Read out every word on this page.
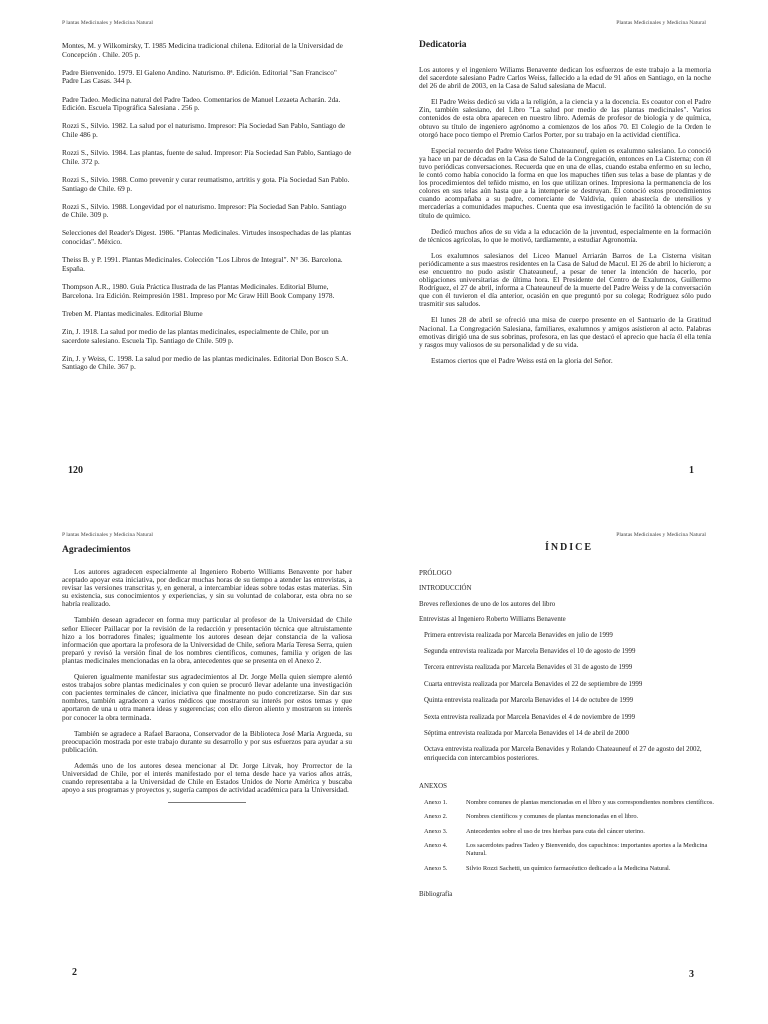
P lantas Medicinales y Medicina Natural

Montes, M. y Wilkomirsky, T. 1985 Medicina tradicional chilena. Editorial de la Universidad de Concepción . Chile. 205 p.

Padre Bienvenido. 1979. El Galeno Andino. Naturismo. 8ª. Edición. Editorial "San Francisco" Padre Las Casas. 344 p.

Padre Tadeo. Medicina natural del Padre Tadeo. Comentarios de Manuel Lezaeta Acharán. 2da. Edición. Escuela Tipográfica Salesiana . 256 p.

Rozzi S., Silvio. 1982. La salud por el naturismo. Impresor: Pía Sociedad San Pablo, Santiago de Chile 486 p.

Rozzi S., Silvio. 1984. Las plantas, fuente de salud. Impresor: Pía Sociedad San Pablo, Santiago de Chile. 372 p.

Rozzi S., Silvio. 1988. Como prevenir y curar reumatismo, artritis y gota. Pía Sociedad San Pablo. Santiago de Chile. 69 p.

Rozzi S., Silvio. 1988. Longevidad por el naturismo. Impresor: Pía Sociedad San Pablo. Santiago de Chile. 309 p.

Selecciones del Reader's Digest. 1986. "Plantas Medicinales. Virtudes insospechadas de las plantas conocidas". México.

Theiss B. y P. 1991. Plantas Medicinales. Colección "Los Libros de Integral". N° 36. Barcelona. España.

Thompson A.R., 1980. Guía Práctica Ilustrada de las Plantas Medicinales. Editorial Blume, Barcelona. 1ra Edición. Reimpresión 1981. Impreso por Mc Graw Hill Book Company 1978.

Treben M. Plantas medicinales. Editorial Blume

Zin, J. 1918. La salud por medio de las plantas medicinales, especialmente de Chile, por un sacerdote salesiano. Escuela Tip. Santiago de Chile. 509 p.

Zin, J. y Weiss, C. 1998. La salud por medio de las plantas medicinales. Editorial Don Bosco S.A. Santiago de Chile. 367 p.

120
Plantas Medicinales y Medicina Natural
Dedicatoria

Los autores y el ingeniero Wiliams Benavente dedican los esfuerzos de este trabajo a la memoria del sacerdote salesiano Padre Carlos Weiss, fallecido a la edad de 91 años en Santiago, en la noche del 26 de abril de 2003, en la Casa de Salud salesiana de Macul.

El Padre Weiss dedicó su vida a la religión, a la ciencia y a la docencia. Es coautor con el Padre Zin, también salesiano, del Libro "La salud por medio de las plantas medicinales". Varios contenidos de esta obra aparecen en nuestro libro. Además de profesor de biología y de química, obtuvo su título de ingeniero agrónomo a comienzos de los años 70. El Colegio de la Orden le otorgó hace poco tiempo el Premio Carlos Porter, por su trabajo en la actividad científica.

Especial recuerdo del Padre Weiss tiene Chateauneuf, quien es exalumno salesiano. Lo conoció ya hace un par de décadas en la Casa de Salud de la Congregación, entonces en La Cisterna; con él tuvo periódicas conversaciones. Recuerda que en una de ellas, cuando estaba enfermo en su lecho, le contó como había conocido la forma en que los mapuches tiñen sus telas a base de plantas y de los procedimientos del teñido mismo, en los que utilizan orines. Impresiona la permanencia de los colores en sus telas aún hasta que a la intemperie se destruyan. Él conoció estos procedimientos cuando acompañaba a su padre, comerciante de Valdivia, quien abastecía de utensilios y mercaderías a comunidades mapuches. Cuenta que esa investigación le facilitó la obtención de su título de químico.

Dedicó muchos años de su vida a la educación de la juventud, especialmente en la formación de técnicos agrícolas, lo que le motivó, tardíamente, a estudiar Agronomía.

Los exalumnos salesianos del Liceo Manuel Arriarán Barros de La Cisterna visitan periódicamente a sus maestros residentes en la Casa de Salud de Macul. El 26 de abril lo hicieron; a ese encuentro no pudo asistir Chateauneuf, a pesar de tener la intención de hacerlo, por obligaciones universitarias de última hora. El Presidente del Centro de Exalumnos, Guillermo Rodríguez, el 27 de abril, informa a Chateauneuf de la muerte del Padre Weiss y de la conversación que con él tuvieron el día anterior, ocasión en que preguntó por su colega; Rodríguez sólo pudo trasmitir sus saludos.

El lunes 28 de abril se ofreció una misa de cuerpo presente en el Santuario de la Gratitud Nacional. La Congregación Salesiana, familiares, exalumnos y amigos asistieron al acto. Palabras emotivas dirigió una de sus sobrinas, profesora, en las que destacó el aprecio que hacía él ella tenía y rasgos muy valiosos de su personalidad y de su vida.

Estamos ciertos que el Padre Weiss está en la gloria del Señor.

1
P lantas Medicinales y Medicina Natural
Agradecimientos

Los autores agradecen especialmente al Ingeniero Roberto Williams Benavente por haber aceptado apoyar esta iniciativa, por dedicar muchas horas de su tiempo a atender las entrevistas, a revisar las versiones transcritas y, en general, a intercambiar ideas sobre todas estas materias. Sin su existencia, sus conocimientos y experiencias, y sin su voluntad de colaborar, esta obra no se habría realizado.

También desean agradecer en forma muy particular al profesor de la Universidad de Chile señor Eliecer Paillacar por la revisión de la redacción y presentación técnica que altruistamente hizo a los borradores finales; igualmente los autores desean dejar constancia de la valiosa información que aportara la profesora de la Universidad de Chile, señora María Teresa Serra, quien preparó y revisó la versión final de los nombres científicos, comunes, familia y origen de las plantas medicinales mencionadas en la obra, antecedentes que se presenta en el Anexo 2.

Quieren igualmente manifestar sus agradecimientos al Dr. Jorge Mella quien siempre alentó estos trabajos sobre plantas medicinales y con quien se procuró llevar adelante una investigación con pacientes terminales de cáncer, iniciativa que finalmente no pudo concretizarse. Sin dar sus nombres, también agradecen a varios médicos que mostraron su interés por estos temas y que aportaron de una u otra manera ideas y sugerencias; con ello dieron aliento y mostraron su interés por conocer la obra terminada.

También se agradece a Rafael Baraona, Conservador de la Biblioteca José María Argueda, su preocupación mostrada por este trabajo durante su desarrollo y por sus esfuerzos para ayudar a su publicación.

Además uno de los autores desea mencionar al Dr. Jorge Litvak, hoy Prorrector de la Universidad de Chile, por el interés manifestado por el tema desde hace ya varios años atrás, cuando representaba a la Universidad de Chile en Estados Unidos de Norte América y buscaba apoyo a sus programas y proyectos y, sugería campos de actividad académica para la Universidad.

2
Plantas Medicinales y Medicina Natural
ÍNDICE

PRÓLOGO

INTRODUCCIÓN

Breves reflexiones de uno de los autores del libro

Entrevistas al Ingeniero Roberto Williams Benavente

Primera entrevista realizada por Marcela Benavides en julio de 1999

Segunda entrevista realizada por Marcela Benavides el 10 de agosto de 1999

Tercera entrevista realizada por Marcela Benavides el 31 de agosto de 1999

Cuarta entrevista realizada por Marcela Benavides el 22 de septiembre de 1999

Quinta entrevista realizada por Marcela Benavides el 14 de octubre de 1999

Sexta entrevista realizada por Marcela Benavides el 4 de noviembre de 1999

Séptima entrevista realizada por Marcela Benavides el 14 de abril de 2000

Octava entrevista realizada por Marcela Benavides y Rolando Chateauneuf el 27 de agosto del 2002, enriquecida con intercambios posteriores.

ANEXOS

Anexo 1.	Nombre comunes de plantas mencionadas en el libro y sus correspondientes nombres científicos.
Anexo 2.	Nombres científicos y comunes de plantas mencionadas en el libro.
Anexo 3.	Antecedentes sobre el uso de tres hierbas para cuta del cáncer uterino.
Anexo 4.	Los sacerdotes padres Tadeo y Bienvenido, dos capuchinos: importantes aportes a la Medicina Natural.
Anexo 5.	Silvio Rozzi Sachetti, un químico farmacéutico dedicado a la Medicina Natural.

Bibliografía

3
